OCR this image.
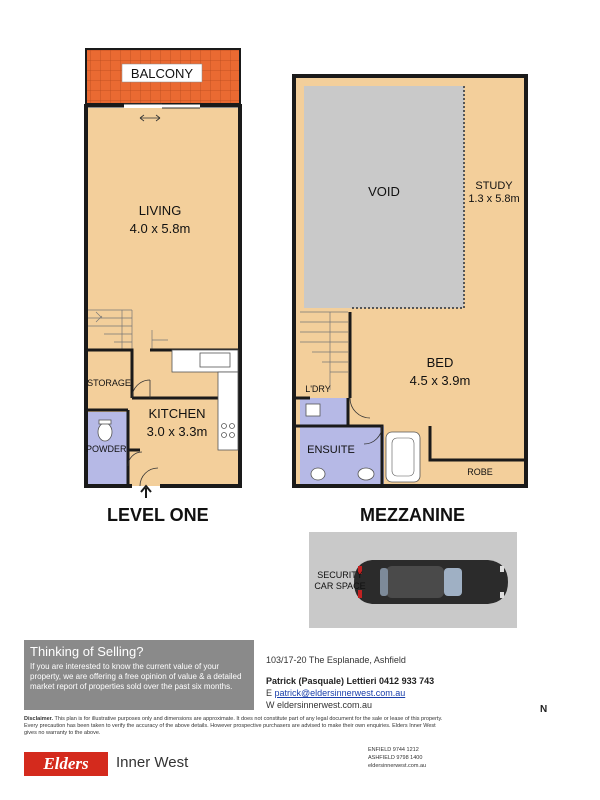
BALCONY
LIVING
4.0 x 5.8m
STORAGE
KITCHEN
3.0 x 3.3m
POWDER
VOID	STUDY
1.3 x 5.8m
BED
4.5 x 3.9m
L'DRY
ENSUITE
ROBE
SECURITY
CAR SPACE
LEVEL ONE	MEZZANINE
Thinking of Selling?
If you are interested to know the current value of your property, we are offering a free opinion of value & a detailed market report of properties sold over the past six months.
103/17-20 The Esplanade, Ashfield
Patrick (Pasquale) Lettieri 0412 933 743
E patrick@eldersinnerwest.com.au
W eldersinnerwest.com.au	N
Disclaimer. This plan is for illustrative purposes only and dimensions are approximate. It does not constitute part of any legal document for the sale or lease of this property. Every precaution has been taken to verify the accuracy of the above details. However prospective purchasers are advised to make their own enquiries. Elders Inner West gives no warranty to the above.
Elders	Inner West
ENFIELD 9744 1212
ASHFIELD 9798 1400
eldersinnerwest.com.au
